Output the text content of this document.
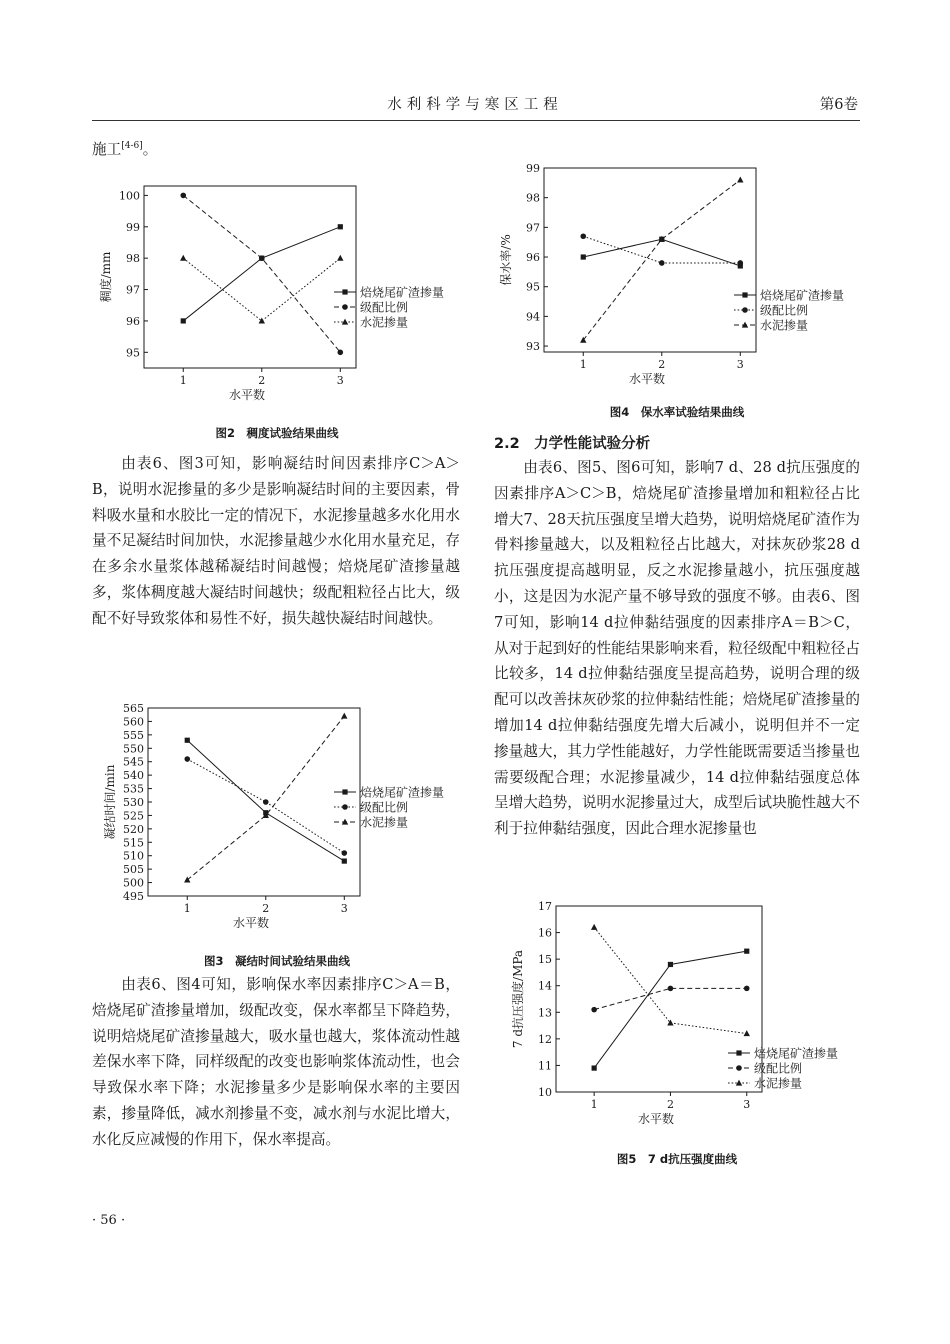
水利科学与寒区工程	第6卷
施工[4-6]。
95
96
97
98
99
100
1	2	3
水平数
稠度/mm	焙烧尾矿渣掺量
级配比例
水泥掺量
图2　稠度试验结果曲线

由表6、图3可知，影响凝结时间因素排序C＞A＞B，说明水泥掺量的多少是影响凝结时间的主要因素，骨料吸水量和水胶比一定的情况下，水泥掺量越多水化用水量不足凝结时间加快，水泥掺量越少水化用水量充足，存在多余水量浆体越稀凝结时间越慢；焙烧尾矿渣掺量越多，浆体稠度越大凝结时间越快；级配粗粒径占比大，级配不好导致浆体和易性不好，损失越快凝结时间越快。

495
500
505
510
515
520
525
530
535
540
545
550
555
560
565
1	2	3
水平数
凝结时间/min	焙烧尾矿渣掺量
级配比例
水泥掺量
图3　凝结时间试验结果曲线

由表6、图4可知，影响保水率因素排序C＞A＝B，焙烧尾矿渣掺量增加，级配改变，保水率都呈下降趋势，说明焙烧尾矿渣掺量越大，吸水量也越大，浆体流动性越差保水率下降，同样级配的改变也影响浆体流动性，也会导致保水率下降；水泥掺量多少是影响保水率的主要因素，掺量降低，减水剂掺量不变，减水剂与水泥比增大，水化反应减慢的作用下，保水率提高。

· 56 ·
93
94
95
96
97
98
99
1	2	3
水平数
保水率/%
焙烧尾矿渣掺量
级配比例
水泥掺量
图4　保水率试验结果曲线
2.2　力学性能试验分析

由表6、图5、图6可知，影响7 d、28 d抗压强度的因素排序A＞C＞B，焙烧尾矿渣掺量增加和粗粒径占比增大7、28天抗压强度呈增大趋势，说明焙烧尾矿渣作为骨料掺量越大，以及粗粒径占比越大，对抹灰砂浆28 d抗压强度提高越明显，反之水泥掺量越小，抗压强度越小，这是因为水泥产量不够导致的强度不够。由表6、图7可知，影响14 d拉伸黏结强度的因素排序A＝B＞C，从对于起到好的性能结果影响来看，粒径级配中粗粒径占比较多，14 d拉伸黏结强度呈提高趋势，说明合理的级配可以改善抹灰砂浆的拉伸黏结性能；焙烧尾矿渣掺量的增加14 d拉伸黏结强度先增大后减小，说明但并不一定掺量越大，其力学性能越好，力学性能既需要适当掺量也需要级配合理；水泥掺量减少，14 d拉伸黏结强度总体呈增大趋势，说明水泥掺量过大，成型后试块脆性越大不利于拉伸黏结强度，因此合理水泥掺量也

10
11
12
13
14
15
16
17
1	2	3
水平数
7 d抗压强度/MPa
焙烧尾矿渣掺量
级配比例
水泥掺量
图5　7 d抗压强度曲线
